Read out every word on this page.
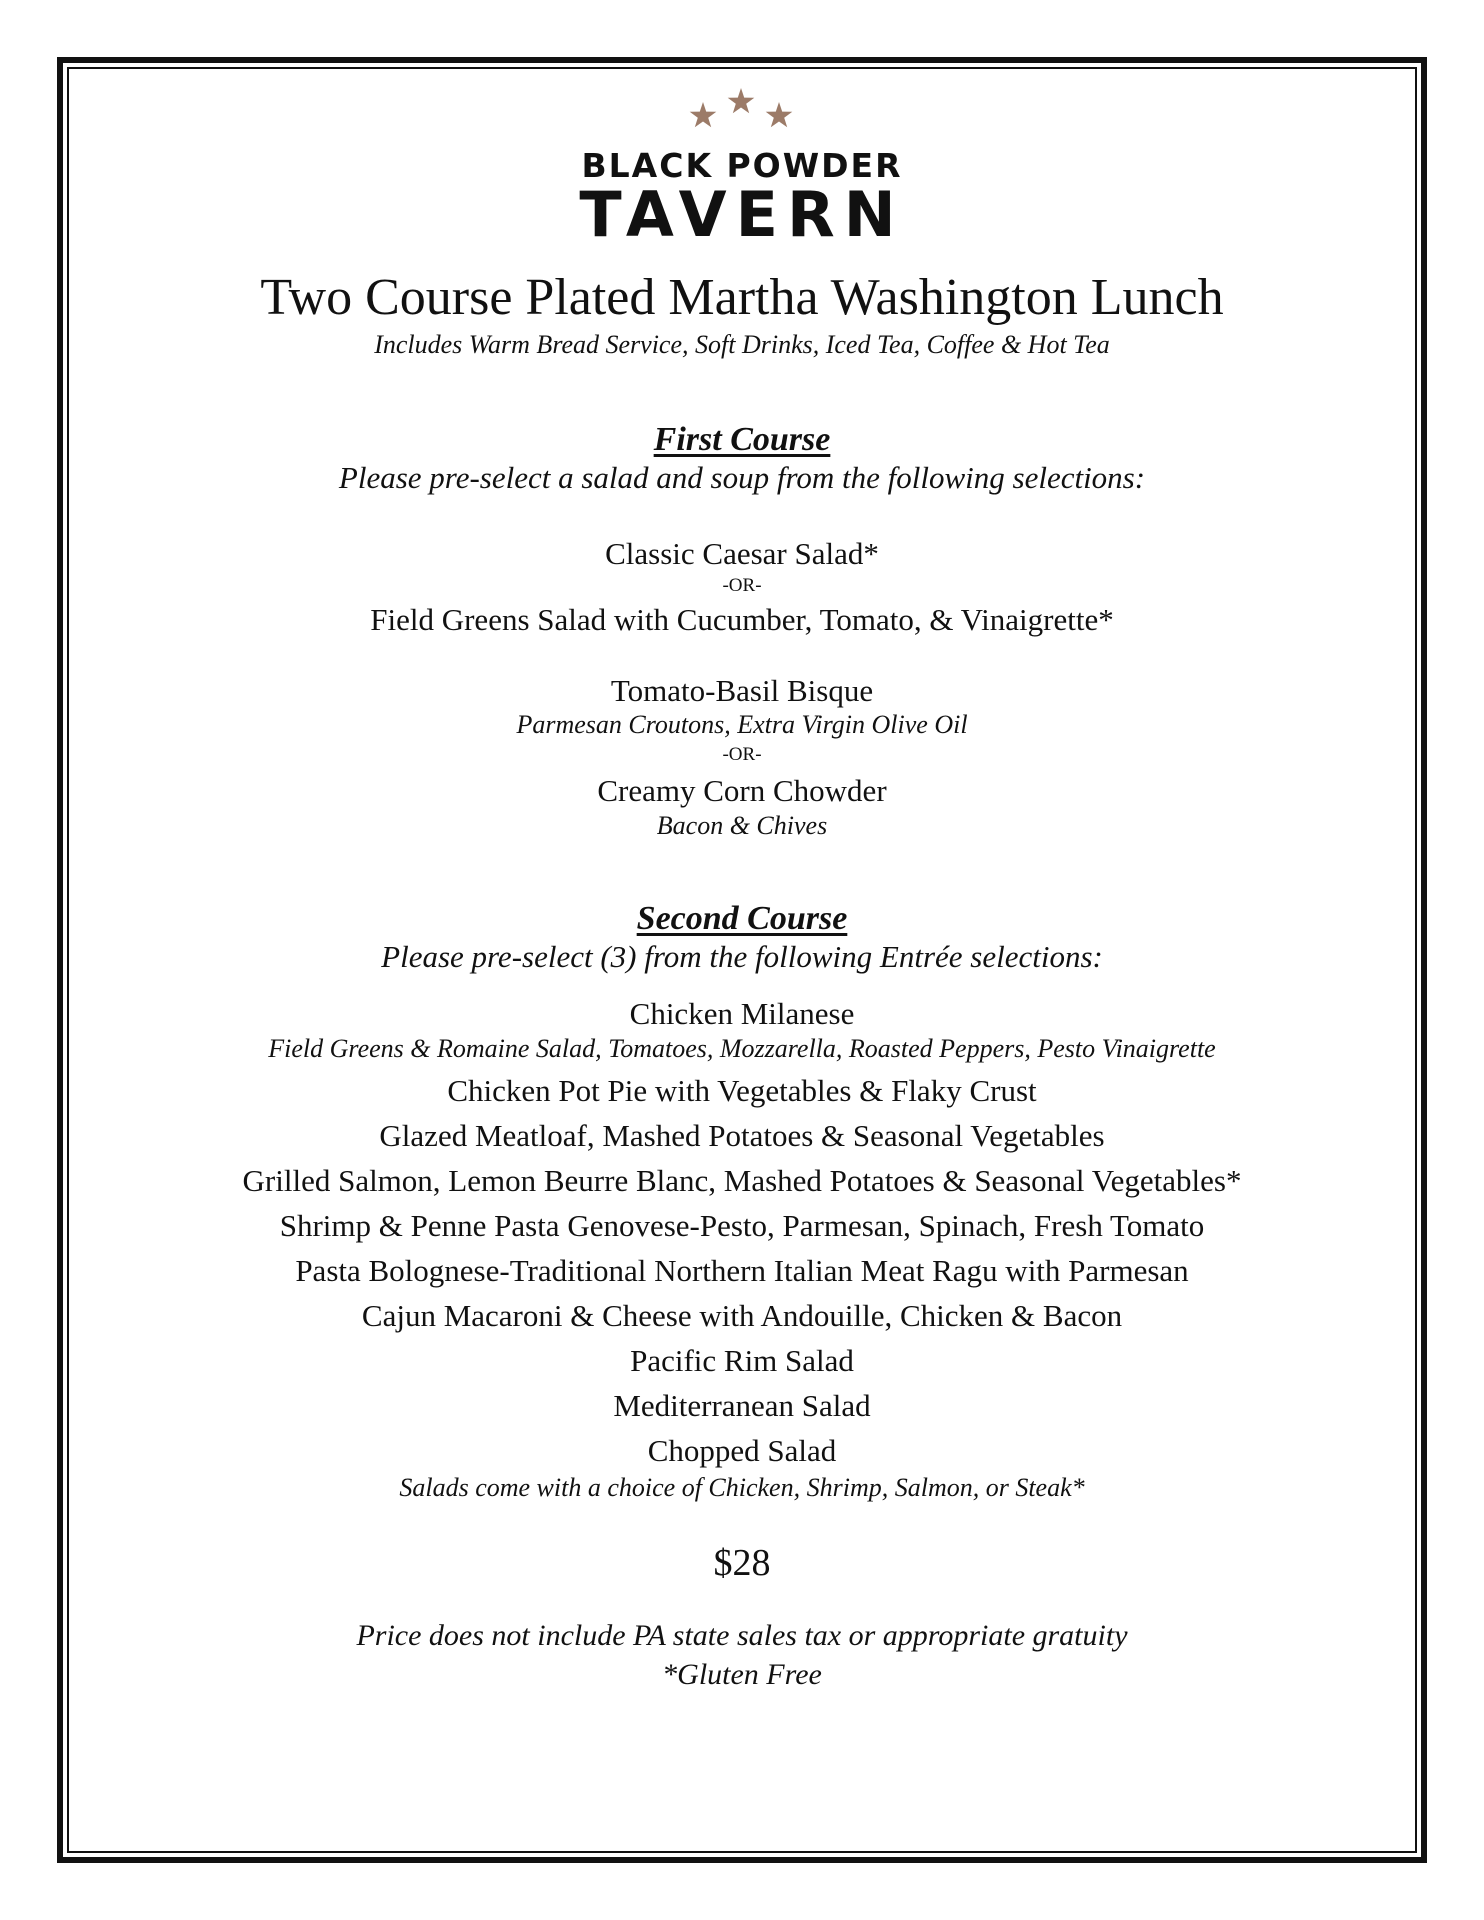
BLACK POWDER
TAVERN
Two Course Plated Martha Washington Lunch
Includes Warm Bread Service, Soft Drinks, Iced Tea, Coffee & Hot Tea
First Course
Please pre-select a salad and soup from the following selections:
Classic Caesar Salad*
-OR-
Field Greens Salad with Cucumber, Tomato, & Vinaigrette*
Tomato-Basil Bisque
Parmesan Croutons, Extra Virgin Olive Oil
-OR-
Creamy Corn Chowder
Bacon & Chives
Second Course
Please pre-select (3) from the following Entrée selections:
Chicken Milanese
Field Greens & Romaine Salad, Tomatoes, Mozzarella, Roasted Peppers, Pesto Vinaigrette
Chicken Pot Pie with Vegetables & Flaky Crust
Glazed Meatloaf, Mashed Potatoes & Seasonal Vegetables
Grilled Salmon, Lemon Beurre Blanc, Mashed Potatoes & Seasonal Vegetables*
Shrimp & Penne Pasta Genovese-Pesto, Parmesan, Spinach, Fresh Tomato
Pasta Bolognese-Traditional Northern Italian Meat Ragu with Parmesan
Cajun Macaroni & Cheese with Andouille, Chicken & Bacon
Pacific Rim Salad
Mediterranean Salad
Chopped Salad
Salads come with a choice of Chicken, Shrimp, Salmon, or Steak*
$28
Price does not include PA state sales tax or appropriate gratuity
*Gluten Free
